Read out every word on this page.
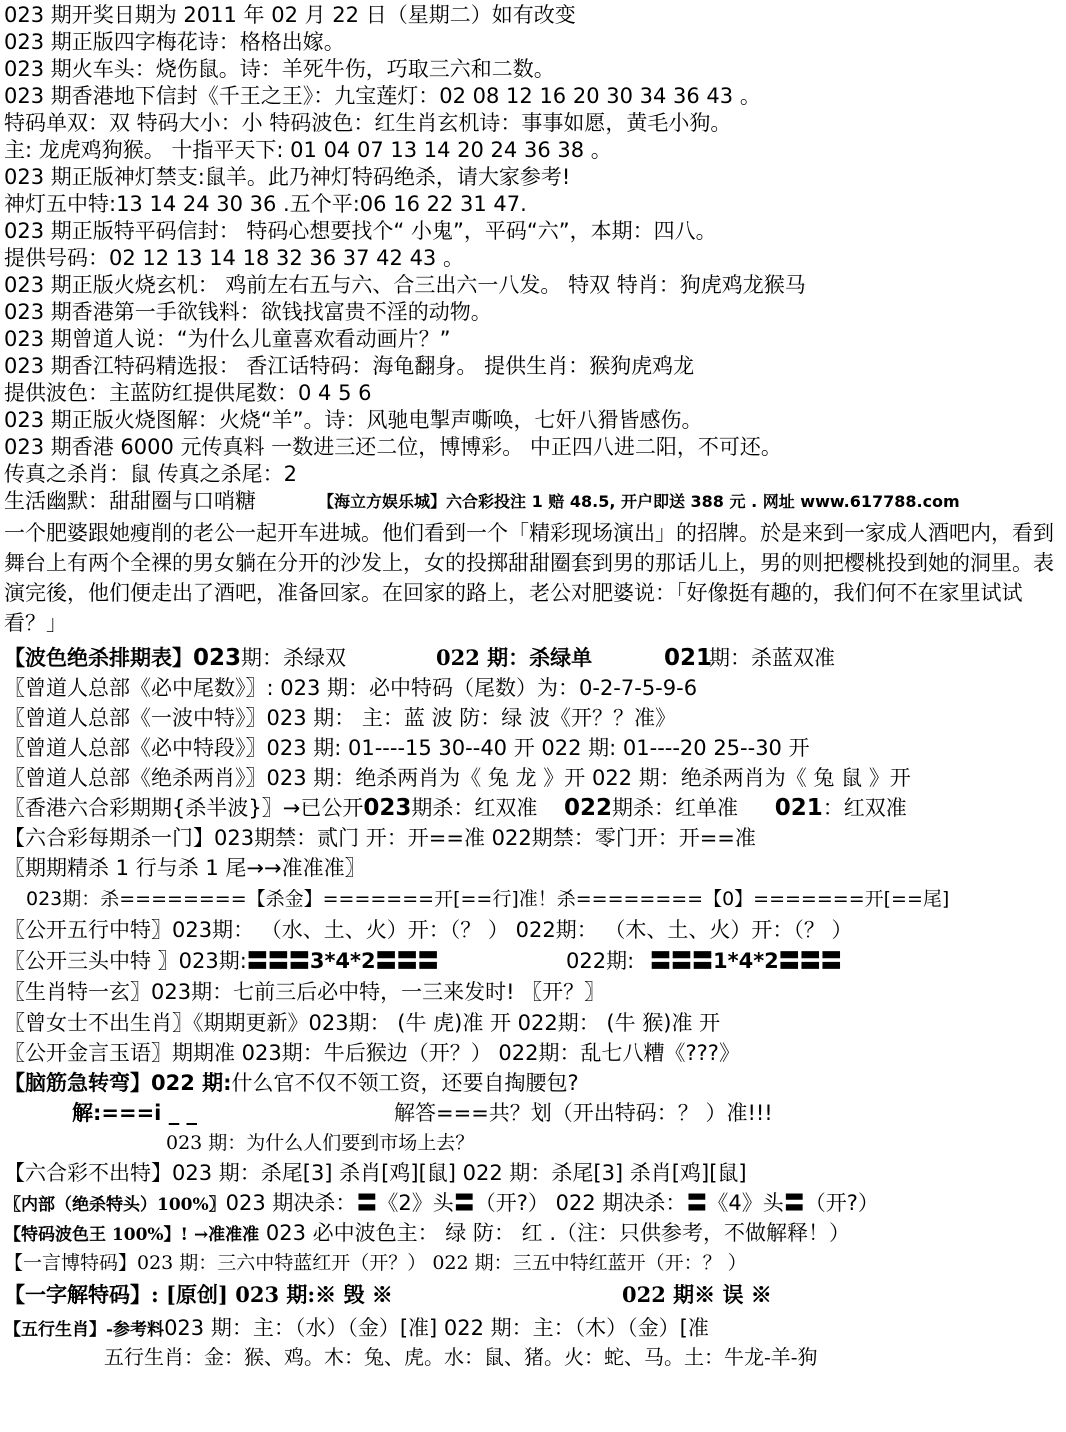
023 期开奖日期为 2011 年 02 月 22 日（星期二）如有改变
023 期正版四字梅花诗：格格出嫁。
023 期火车头：烧伤鼠。诗：羊死牛伤，巧取三六和二数。
023 期香港地下信封《千王之王》：九宝莲灯：02 08 12 16 20 30 34 36 43 。
特码单双：双 特码大小：小 特码波色：红生肖玄机诗：事事如愿，黄毛小狗。
主: 龙虎鸡狗猴。 十指平天下: 01 04 07 13 14 20 24 36 38 。
023 期正版神灯禁支:鼠羊。此乃神灯特码绝杀，请大家参考!
神灯五中特:13 14 24 30 36 .五个平:06 16 22 31 47.
023 期正版特平码信封： 特码心想要找个“ 小鬼”，平码“六”，本期：四八。
提供号码：02 12 13 14 18 32 36 37 42 43 。
023 期正版火烧玄机： 鸡前左右五与六、合三出六一八发。 特双 特肖：狗虎鸡龙猴马
023 期香港第一手欲钱料：欲钱找富贵不淫的动物。
023 期曾道人说：“为什么儿童喜欢看动画片？”
023 期香江特码精选报： 香江话特码：海龟翻身。 提供生肖：猴狗虎鸡龙
提供波色：主蓝防红提供尾数：0 4 5 6
023 期正版火烧图解：火烧“羊”。诗：风驰电掣声嘶唤，七奸八猾皆感伤。
023 期香港 6000 元传真料 一数进三还二位，博博彩。 中正四八进二阳，不可还。
传真之杀肖：鼠 传真之杀尾：2
生活幽默：甜甜圈与口哨糖	【海立方娱乐城】六合彩投注 1 赔 48.5, 开户即送 388 元 . 网址 www.617788.com
一个肥婆跟她瘦削的老公一起开车进城。他们看到一个「精彩现场演出」的招牌。於是来到一家成人酒吧内，看到舞台上有两个全裸的男女躺在分开的沙发上，女的投掷甜甜圈套到男的那话儿上，男的则把樱桃投到她的洞里。表演完後，他们便走出了酒吧，准备回家。在回家的路上，老公对肥婆说：「好像挺有趣的，我们何不在家里试试看？」
【波色绝杀排期表】023期：杀绿双	022 期：杀绿单	021
期：杀蓝双准
〖曾道人总部《必中尾数》〗: 023 期：必中特码（尾数）为：0-2-7-5-9-6
〖曾道人总部《一波中特》〗023 期： 主：蓝 波 防：绿 波《开？？准》
〖曾道人总部《必中特段》〗023 期: 01----15 30--40 开 022 期: 01----20 25--30 开
〖曾道人总部《绝杀两肖》〗023 期：绝杀两肖为《 兔 龙 》开 022 期：绝杀两肖为《 兔 鼠 》开
〖香港六合彩期期{杀半波}〗→已公开023期杀：红双准 022期杀：红单准 021：红双准
【六合彩每期杀一门】023期禁：贰门 开：开==准 022期禁：零门开：开==准
〖期期精杀 1 行与杀 1 尾→→准准准〗
023期：杀========【杀金】=======开[==行]准！杀========【0】=======开[==尾]
〖公开五行中特〗023期： （水、土、火）开：（？ ） 022期： （木、土、火）开：（？ ）
〖公开三头中特 〗023期:〓〓〓3*4*2〓〓〓	022期: 〓〓〓1*4*2〓〓〓
〖生肖特一玄〗023期：七前三后必中特，一三来发时! 〖开？〗
〖曾女士不出生肖〗《期期更新》023期： (牛 虎)准 开 022期： (牛 猴)准 开
〖公开金言玉语〗期期准 023期：牛后猴边（开？） 022期：乱七八糟《???》
【脑筋急转弯】022 期:什么官不仅不领工资，还要自掏腰包?
解:===i _ _	解答===共？划（开出特码：？ ）准!!!
023 期：为什么人们要到市场上去？
【六合彩不出特】023 期：杀尾[3] 杀肖[鸡][鼠] 022 期：杀尾[3] 杀肖[鸡][鼠]
〖内部（绝杀特头）100%〗023 期决杀：〓《2》头〓（开?） 022 期决杀：〓《4》头〓（开?）
【特码波色王 100%】! →准准准 023 必中波色主： 绿 防： 红 .（注：只供参考，不做解释！）
【一言博特码】023 期：三六中特蓝红开（开？） 022 期：三五中特红蓝开（开：？ ）
【一字解特码】: [原创] 023 期:※ 毁 ※	022 期※ 误 ※
【五行生肖】-参考料023 期：主：（水）（金）[准] 022 期：主：（木）（金）[准
五行生肖：金：猴、鸡。木：兔、虎。水：鼠、猪。火：蛇、马。土：牛龙-羊-狗
